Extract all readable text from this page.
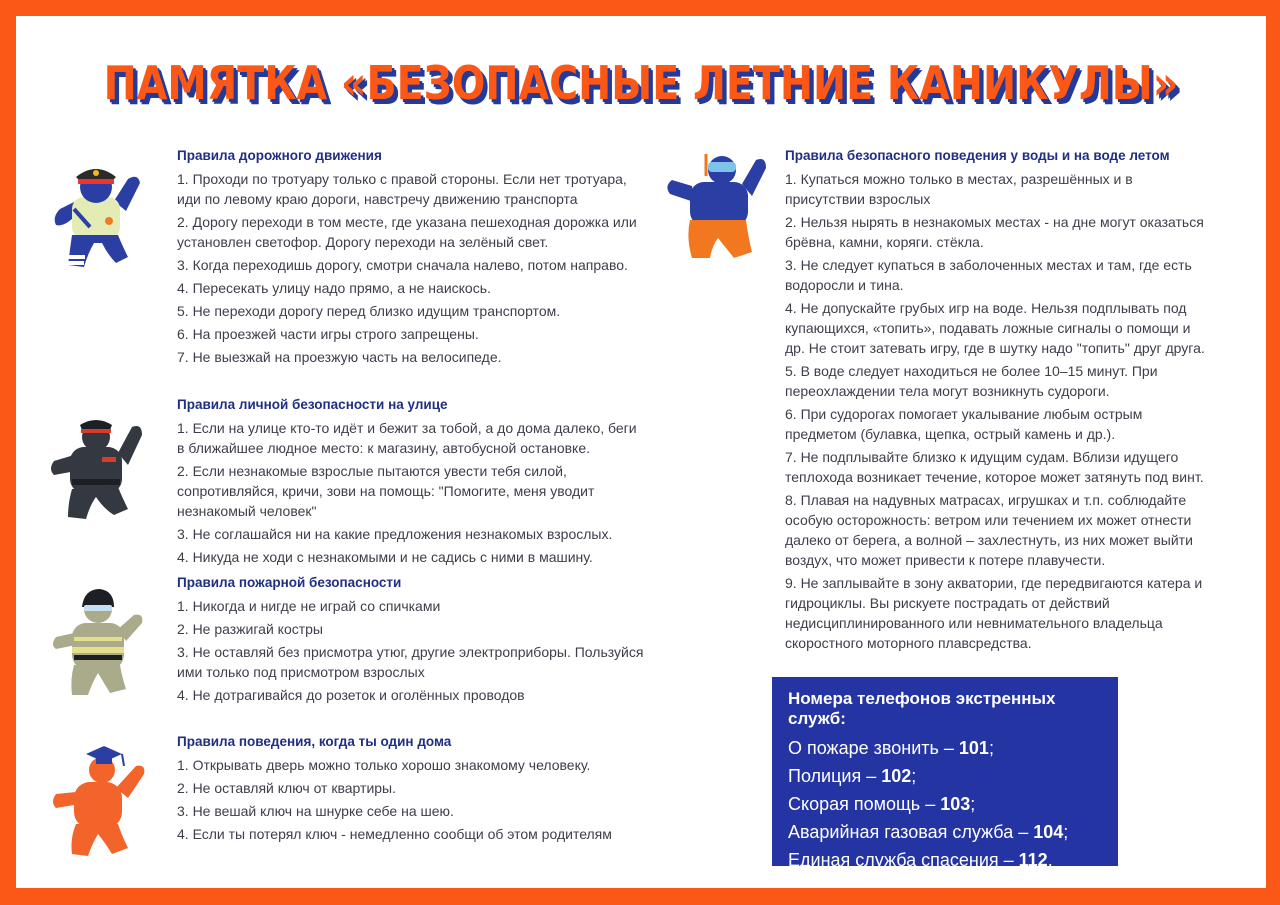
ПАМЯТКА «БЕЗОПАСНЫЕ ЛЕТНИЕ КАНИКУЛЫ»
Правила дорожного движения
1. Проходи по тротуару только с правой стороны. Если нет тротуара, иди по левому краю дороги, навстречу движению транспорта
2. Дорогу переходи в том месте, где указана пешеходная дорожка или установлен светофор. Дорогу переходи на зелёный свет.
3. Когда переходишь дорогу, смотри сначала налево, потом направо.
4. Пересекать улицу надо прямо, а не наискось.
5. Не переходи дорогу перед близко идущим транспортом.
6. На проезжей части игры строго запрещены.
7. Не выезжай на проезжую часть на велосипеде.
Правила личной безопасности на улице
1. Если на улице кто-то идёт и бежит за тобой, а до дома далеко, беги в ближайшее людное место: к магазину, автобусной остановке.
2. Если незнакомые взрослые пытаются увести тебя силой, сопротивляйся, кричи, зови на помощь: "Помогите, меня уводит незнакомый человек"
3. Не соглашайся ни на какие предложения незнакомых взрослых.
4. Никуда не ходи с незнакомыми и не садись с ними в машину.
Правила пожарной безопасности
1. Никогда и нигде не играй со спичками
2. Не разжигай костры
3. Не оставляй без присмотра утюг, другие электроприборы. Пользуйся ими только под присмотром взрослых
4. Не дотрагивайся до розеток и оголённых проводов
Правила поведения, когда ты один дома
1. Открывать дверь можно только хорошо знакомому человеку.
2. Не оставляй ключ от квартиры.
3. Не вешай ключ на шнурке себе на шею.
4. Если ты потерял ключ - немедленно сообщи об этом родителям
Правила безопасного поведения у воды и на воде летом
1. Купаться можно только в местах, разрешённых и в присутствии взрослых
2. Нельзя нырять в незнакомых местах - на дне могут оказаться брёвна, камни, коряги. стёкла.
3. Не следует купаться в заболоченных местах и там, где есть водоросли и тина.
4. Не допускайте грубых игр на воде. Нельзя подплывать под купающихся, «топить», подавать ложные сигналы о помощи и др. Не стоит затевать игру, где в шутку надо "топить" друг друга.
5. В воде следует находиться не более 10–15 минут. При переохлаждении тела могут возникнуть судороги.
6. При судорогах помогает укалывание любым острым предметом (булавка, щепка, острый камень и др.).
7. Не подплывайте близко к идущим судам. Вблизи идущего теплохода возникает течение, которое может затянуть под винт.
8. Плавая на надувных матрасах, игрушках и т.п. соблюдайте особую осторожность: ветром или течением их может отнести далеко от берега, а волной – захлестнуть, из них может выйти воздух, что может привести к потере плавучести.
9. Не заплывайте в зону акватории, где передвигаются катера и гидроциклы. Вы рискуете пострадать от действий недисциплинированного или невнимательного владельца скоростного моторного плавсредства.
Номера телефонов экстренных служб:
О пожаре звонить – 101;
Полиция – 102;
Скорая помощь – 103;
Аварийная газовая служба – 104;
Единая служба спасения – 112.
